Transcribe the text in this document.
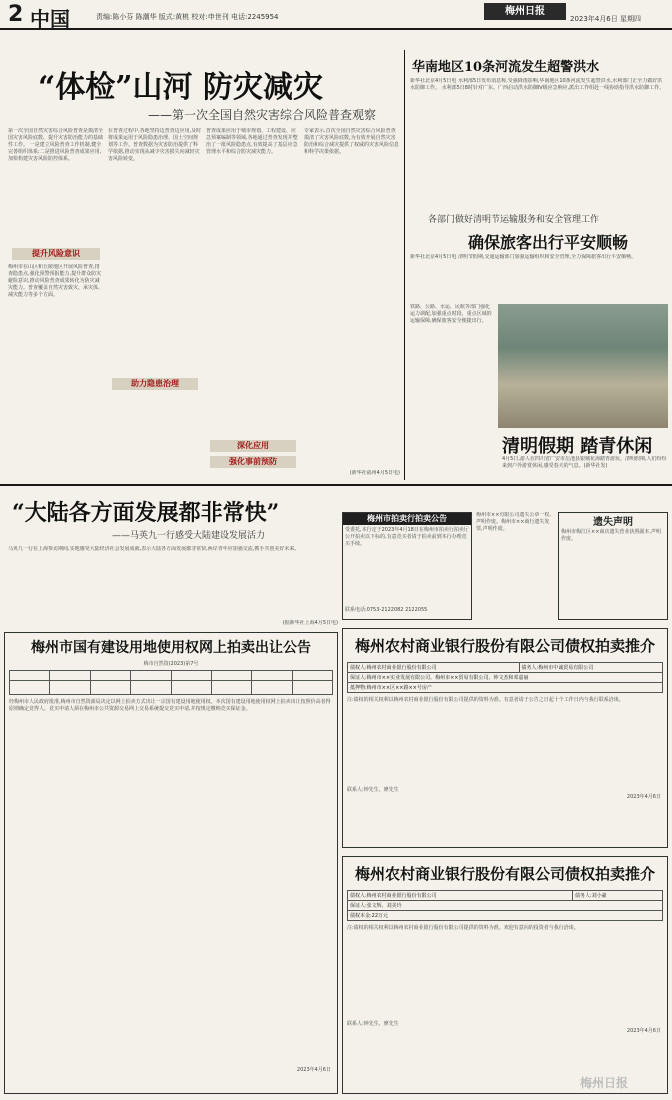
2 中国	责编:陈小芬 陈潮华 版式:黄桃 校对:申世刊 电话:2245954	梅州日报
2023年4月6日 星期四
“体检”山河 防灾减灾
——第一次全国自然灾害综合风险普查观察
第一次全国自然灾害综合风险普查是摸清全国灾害风险底数、提升灾害防治能力的基础性工作。 一是建立风险普查工作机制,健全完善组织体系;二是推进风险普查成果应用,加快构建灾害风险防控体系。
提升风险意识
梅州市在山区和丘陵地区开展风险普查,排查隐患点,强化预警预报能力,提升群众防灾避险意识,推动风险普查成果转化为防灾减灾能力。普查覆盖自然灾害致灾、承灾体、减灾能力等多个方面。
在普查过程中,各地坚持边普查边应用,及时将成果运用于风险隐患治理、国土空间规划等工作。普查数据为灾害防治提供了科学依据,推动实现从减少灾害损失向减轻灾害风险转变。
助力隐患治理
普查成果应用于城市规划、工程建设、应急预案编制等领域,各地通过普查发现并整治了一批风险隐患点,有效提高了基层应急管理水平和综合防灾减灾能力。
深化应用
强化事前预防
专家表示,首次全国自然灾害综合风险普查摸清了灾害风险底数,为有效开展自然灾害防治和综合减灾提供了权威的灾害风险信息和科学决策依据。
(新华社福州4月5日电)
华南地区10条河流发生超警洪水
新华社北京4月5日电 水利部5日发布消息称,受强降雨影响,华南地区10条河流发生超警洪水,水利部门正全力做好洪水防御工作。 水利部5日8时针对广东、广西启动洪水防御Ⅳ级应急响应,派出工作组赴一线协助指导洪水防御工作。
各部门做好清明节运输服务和安全管理工作
确保旅客出行平安顺畅
新华社北京4月5日电 清明节假期,交通运输部门加强运输组织和安全管理,全力保障旅客出行平安顺畅。
铁路、公路、水运、民航等部门强化运力调配,加强重点时段、重点区域的运输保障,确保旅客安全便捷出行。
清明假期 踏青休闲
4月5日,游人在四川省广安市岳池县银城花海踏青游玩。清明假期,人们纷纷来到户外游赏休闲,感受春天的气息。(新华社发)
“大陆各方面发展都非常快”
——马英九一行感受大陆建设发展活力
马英九一行在上海参访期间,实地感受大陆经济社会发展成就,表示大陆各方面发展都非常快,两岸青年应加强交流,携手共创美好未来。
(据新华社上海4月5日电)
梅州市拍卖行拍卖公告
受委托,本行定于2023年4月18日在梅州市拍卖行拍卖厅公开拍卖以下标的,有意竞买者请于拍卖前到本行办理竞买手续。
联系电话:0753-2122082 2122055
梅州市××有限公司遗失公章一枚,声明作废。梅州市××商行遗失发票,声明作废。
遗失声明
梅州市梅江区××商店遗失营业执照副本,声明作废。
梅州市国有建设用地使用权网上拍卖出让公告
梅市自然资(2023)第7号

经梅州市人民政府批准,梅州市自然资源局决定以网上拍卖方式出让一宗国有建设用地使用权。本次国有建设用地使用权网上拍卖出让按照价高者得原则确定竞得人。竞买申请人须在梅州市公共资源交易网上交易系统提交竞买申请,并按规定缴纳竞买保证金。
2023年4月6日
梅州农村商业银行股份有限公司债权拍卖推介
债权人:梅州农村商业银行股份有限公司	债务人:梅州市中诚贸易有限公司
保证人:梅州市××实业发展有限公司、梅州市××贸易有限公司、钟文杰和邓嘉丽
抵押物:梅州市××区××路××号房产
注:债权的相关权利以梅州农村商业银行股份有限公司提供的资料为准。有意者请于公告之日起十个工作日内与我行联系洽谈。
联系人:钟先生、廖先生
2023年4月6日
梅州农村商业银行股份有限公司债权拍卖推介
债权人:梅州农村商业银行股份有限公司	债务人:刘小豪
保证人:张文辉、刘美玲
债权本金:22万元
注:债权的相关权利以梅州农村商业银行股份有限公司提供的资料为准。欢迎有意向的投资者与我行洽谈。
联系人:钟先生、廖先生
2023年4月6日
梅州日报
